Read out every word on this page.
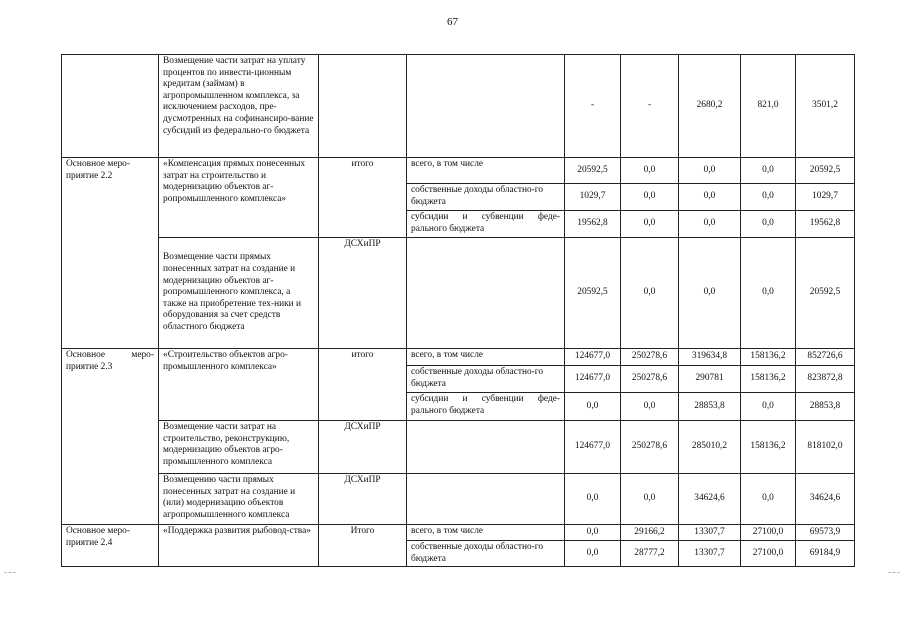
67
	Возмещение части затрат на уплату процентов по инвести-ционным кредитам (займам) в агропромышленном комплекса, за исключением расходов, пре-дусмотренных на софинансиро-вание субсидий из федерально-го бюджета			-	-	2680,2	821,0	3501,2
Основное меро-приятие 2.2	«Компенсация прямых понесенных затрат на строительство и модернизацию объектов аг-ропромышленного комплекса»	итого	всего, в том числе	20592,5	0,0	0,0	0,0	20592,5
			собственные доходы областно-го бюджета	1029,7	0,0	0,0	0,0	1029,7
			субсидии и субвенции феде-рального бюджета	19562,8	0,0	0,0	0,0	19562,8
	Возмещение части прямых понесенных затрат на создание и модернизацию объектов аг-ропромышленного комплекса, а также на приобретение тех-ники и оборудования за счет средств областного бюджета	ДСХиПР		20592,5	0,0	0,0	0,0	20592,5
Основное меро-приятие 2.3	«Строительство объектов агро-промышленного комплекса»	итого	всего, в том числе	124677,0	250278,6	319634,8	158136,2	852726,6
			собственные доходы областно-го бюджета	124677,0	250278,6	290781	158136,2	823872,8
			субсидии и субвенции феде-рального бюджета	0,0	0,0	28853,8	0,0	28853,8
	Возмещение части затрат на строительство, реконструкцию, модернизацию объектов агро-промышленного комплекса	ДСХиПР		124677,0	250278,6	285010,2	158136,2	818102,0
	Возмещению части прямых понесенных затрат на создание и (или) модернизацию объектов агропромышленного комплекса	ДСХиПР		0,0	0,0	34624,6	0,0	34624,6
Основное меро-приятие 2.4	«Поддержка развития рыбовод-ства»	Итого	всего, в том числе	0,0	29166,2	13307,7	27100,0	69573,9
			собственные доходы областно-го бюджета	0,0	28777,2	13307,7	27100,0	69184,9
